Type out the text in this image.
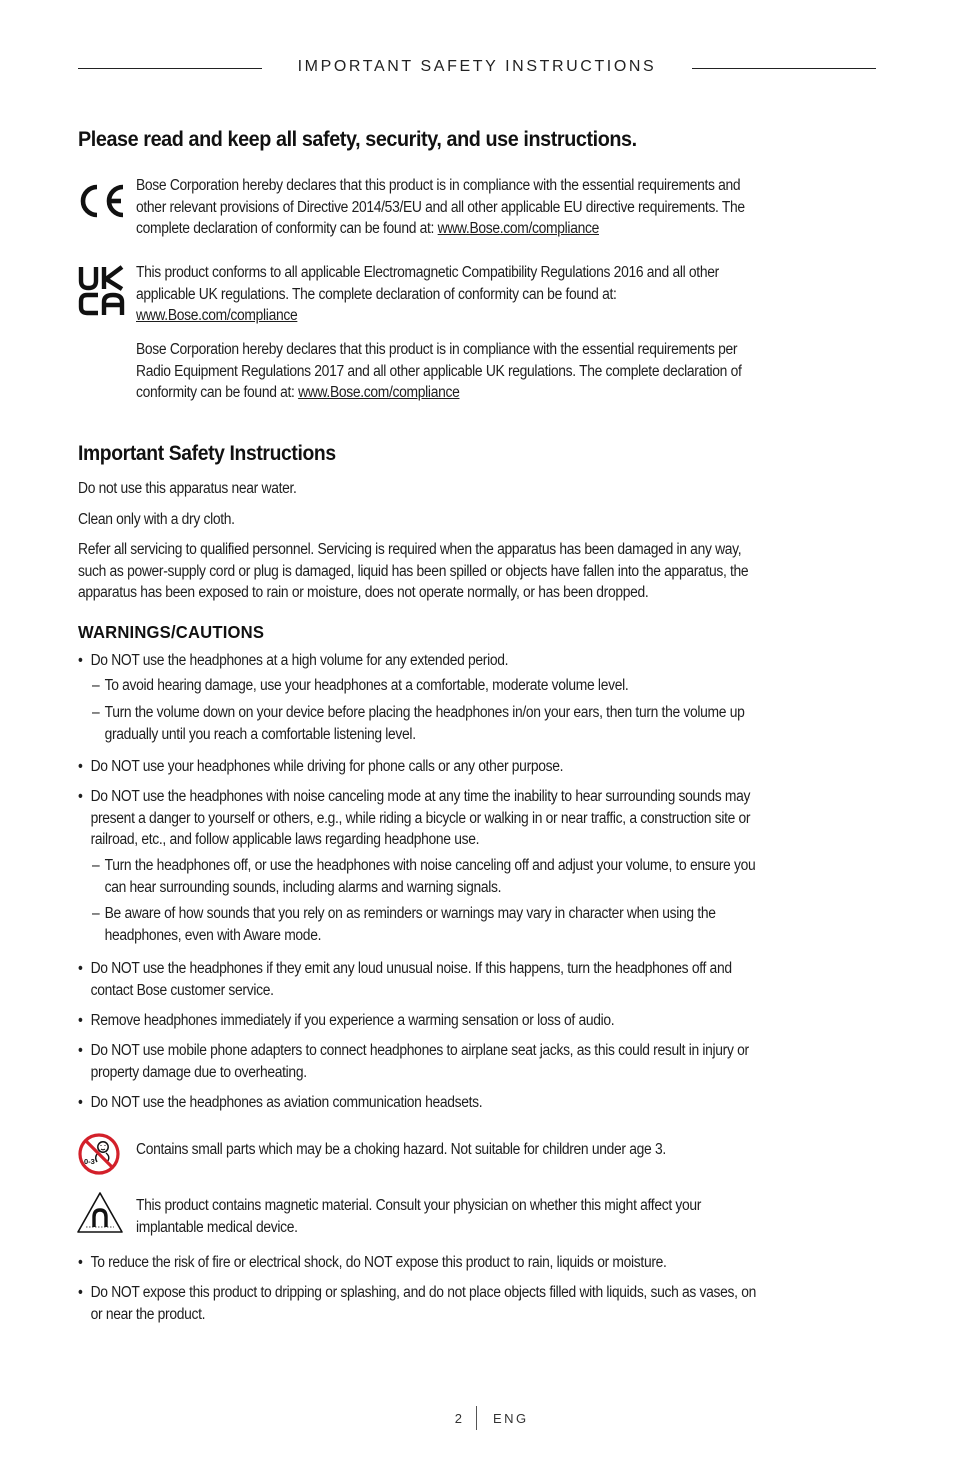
IMPORTANT SAFETY INSTRUCTIONS
Please read and keep all safety, security, and use instructions.
Bose Corporation hereby declares that this product is in compliance with the essential requirements and
other relevant provisions of Directive 2014/53/EU and all other applicable EU directive requirements. The
complete declaration of conformity can be found at: www.Bose.com/compliance
This product conforms to all applicable Electromagnetic Compatibility Regulations 2016 and all other
applicable UK regulations. The complete declaration of conformity can be found at:
www.Bose.com/compliance
Bose Corporation hereby declares that this product is in compliance with the essential requirements per
Radio Equipment Regulations 2017 and all other applicable UK regulations. The complete declaration of
conformity can be found at: www.Bose.com/compliance
Important Safety Instructions
Do not use this apparatus near water.
Clean only with a dry cloth.
Refer all servicing to qualified personnel. Servicing is required when the apparatus has been damaged in any way,
such as power-supply cord or plug is damaged, liquid has been spilled or objects have fallen into the apparatus, the
apparatus has been exposed to rain or moisture, does not operate normally, or has been dropped.
WARNINGS/CAUTIONS
• Do NOT use the headphones at a high volume for any extended period.
– To avoid hearing damage, use your headphones at a comfortable, moderate volume level.
– Turn the volume down on your device before placing the headphones in/on your ears, then turn the volume up
gradually until you reach a comfortable listening level.
• Do NOT use your headphones while driving for phone calls or any other purpose.
• Do NOT use the headphones with noise canceling mode at any time the inability to hear surrounding sounds may
present a danger to yourself or others, e.g., while riding a bicycle or walking in or near traffic, a construction site or
railroad, etc., and follow applicable laws regarding headphone use.
– Turn the headphones off, or use the headphones with noise canceling off and adjust your volume, to ensure you
can hear surrounding sounds, including alarms and warning signals.
– Be aware of how sounds that you rely on as reminders or warnings may vary in character when using the
headphones, even with Aware mode.
• Do NOT use the headphones if they emit any loud unusual noise. If this happens, turn the headphones off and
contact Bose customer service.
• Remove headphones immediately if you experience a warming sensation or loss of audio.
• Do NOT use mobile phone adapters to connect headphones to airplane seat jacks, as this could result in injury or
property damage due to overheating.
• Do NOT use the headphones as aviation communication headsets.
0-3
Contains small parts which may be a choking hazard. Not suitable for children under age 3.
This product contains magnetic material. Consult your physician on whether this might affect your
implantable medical device.
• To reduce the risk of fire or electrical shock, do NOT expose this product to rain, liquids or moisture.
• Do NOT expose this product to dripping or splashing, and do not place objects filled with liquids, such as vases, on
or near the product.
2 ENG
